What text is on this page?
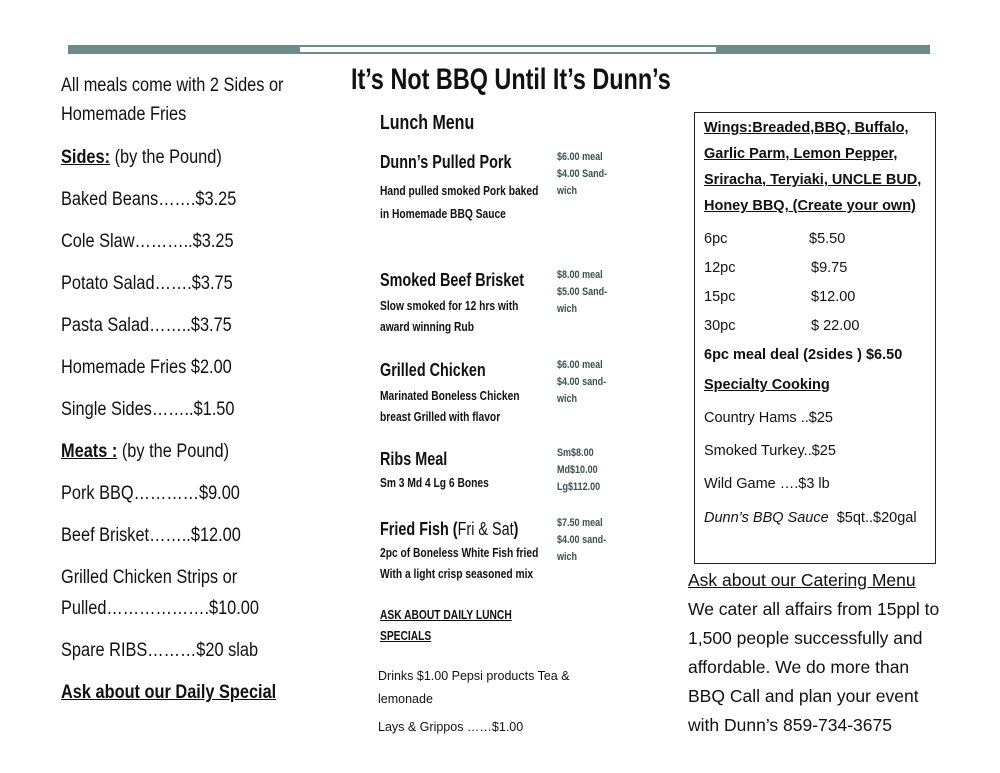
It’s Not BBQ Until It’s Dunn’s
All meals come with 2 Sides or
Homemade Fries
Sides: (by the Pound)
Baked Beans…….$3.25
Cole Slaw………..$3.25
Potato Salad…….$3.75
Pasta Salad……..$3.75
Homemade Fries $2.00
Single Sides……..$1.50
Meats : (by the Pound)
Pork BBQ…………$9.00
Beef Brisket……..$12.00
Grilled Chicken Strips or
Pulled……………….$10.00
Spare RIBS………$20 slab
Ask about our Daily Special
Lunch Menu
Dunn’s Pulled Pork
Hand pulled smoked Pork baked
in Homemade BBQ Sauce
$6.00 meal
$4.00 Sand-
wich
Smoked Beef Brisket
Slow smoked for 12 hrs with
award winning Rub
$8.00 meal
$5.00 Sand-
wich
Grilled Chicken
Marinated Boneless Chicken
breast Grilled with flavor
$6.00 meal
$4.00 sand-
wich
Ribs Meal
Sm 3 Md 4 Lg 6 Bones
Sm$8.00
Md$10.00
Lg$112.00
Fried Fish (Fri & Sat)
2pc of Boneless White Fish fried
With a light crisp seasoned mix
$7.50 meal
$4.00 sand-
wich
ASK ABOUT DAILY LUNCH
SPECIALS
Drinks $1.00 Pepsi products Tea &
lemonade
Lays & Grippos ……$1.00
Wings:Breaded,BBQ, Buffalo,
Garlic Parm, Lemon Pepper,
Sriracha, Teryiaki, UNCLE BUD,
Honey BBQ, (Create your own)
6pc	$5.50
12pc	$9.75
15pc	$12.00
30pc	$ 22.00
6pc meal deal (2sides ) $6.50
Specialty Cooking
Country Hams ..$25
Smoked Turkey..$25
Wild Game ….$3 lb
Dunn’s BBQ Sauce  $5qt..$20gal
Ask about our Catering Menu
We cater all affairs from 15ppl to
1,500 people successfully and
affordable. We do more than
BBQ Call and plan your event
with Dunn’s 859-734-3675
